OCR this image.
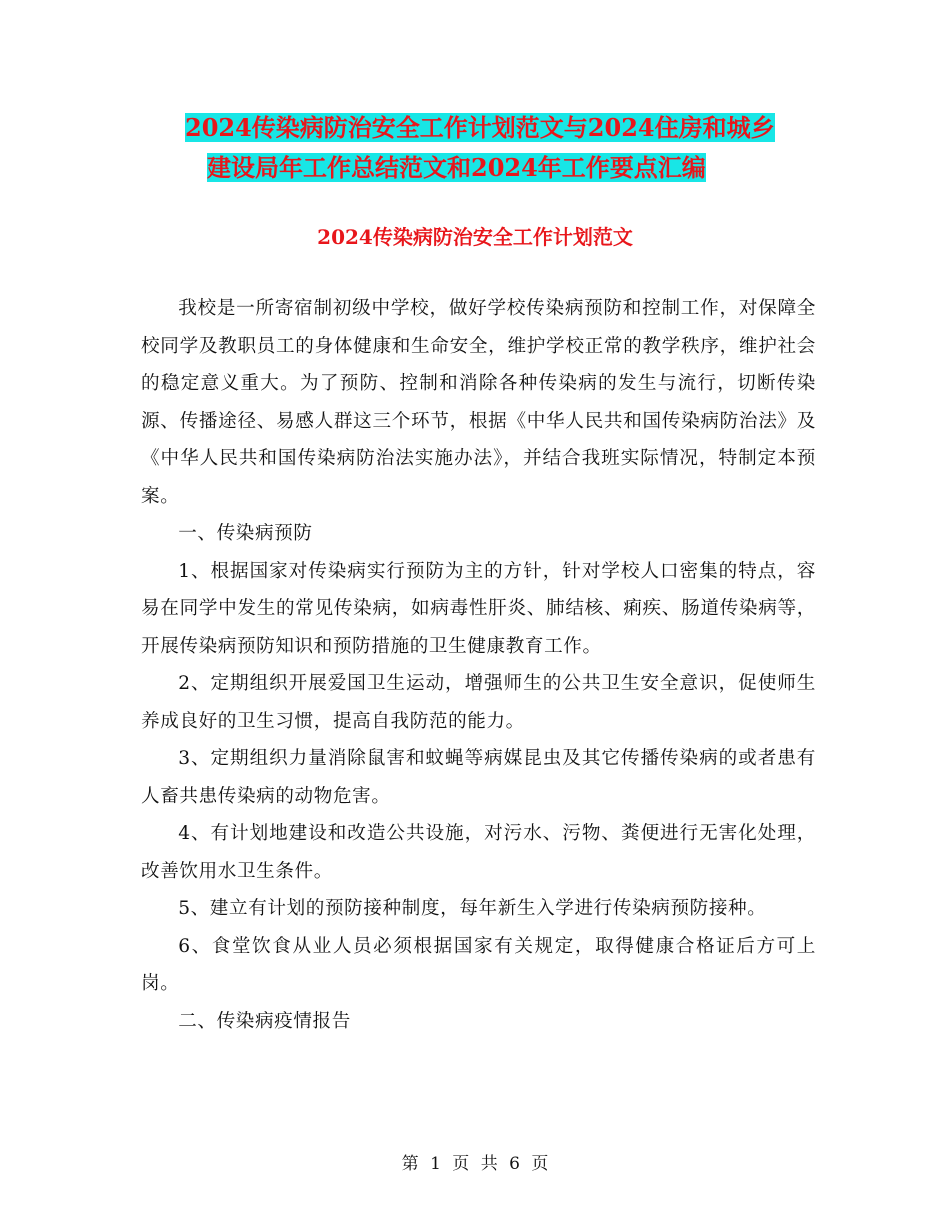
2024传染病防治安全工作计划范文与2024住房和城乡
建设局年工作总结范文和2024年工作要点汇编
2024传染病防治安全工作计划范文

我校是一所寄宿制初级中学校，做好学校传染病预防和控制工作，对保障全校同学及教职员工的身体健康和生命安全，维护学校正常的教学秩序，维护社会的稳定意义重大。为了预防、控制和消除各种传染病的发生与流行，切断传染源、传播途径、易感人群这三个环节，根据《中华人民共和国传染病防治法》及《中华人民共和国传染病防治法实施办法》，并结合我班实际情况，特制定本预案。

一、传染病预防

1、根据国家对传染病实行预防为主的方针，针对学校人口密集的特点，容易在同学中发生的常见传染病，如病毒性肝炎、肺结核、痢疾、肠道传染病等，开展传染病预防知识和预防措施的卫生健康教育工作。

2、定期组织开展爱国卫生运动，增强师生的公共卫生安全意识，促使师生养成良好的卫生习惯，提高自我防范的能力。

3、定期组织力量消除鼠害和蚊蝇等病媒昆虫及其它传播传染病的或者患有人畜共患传染病的动物危害。

4、有计划地建设和改造公共设施，对污水、污物、粪便进行无害化处理，改善饮用水卫生条件。

5、建立有计划的预防接种制度，每年新生入学进行传染病预防接种。

6、食堂饮食从业人员必须根据国家有关规定，取得健康合格证后方可上岗。

二、传染病疫情报告

第 1 页 共 6 页
